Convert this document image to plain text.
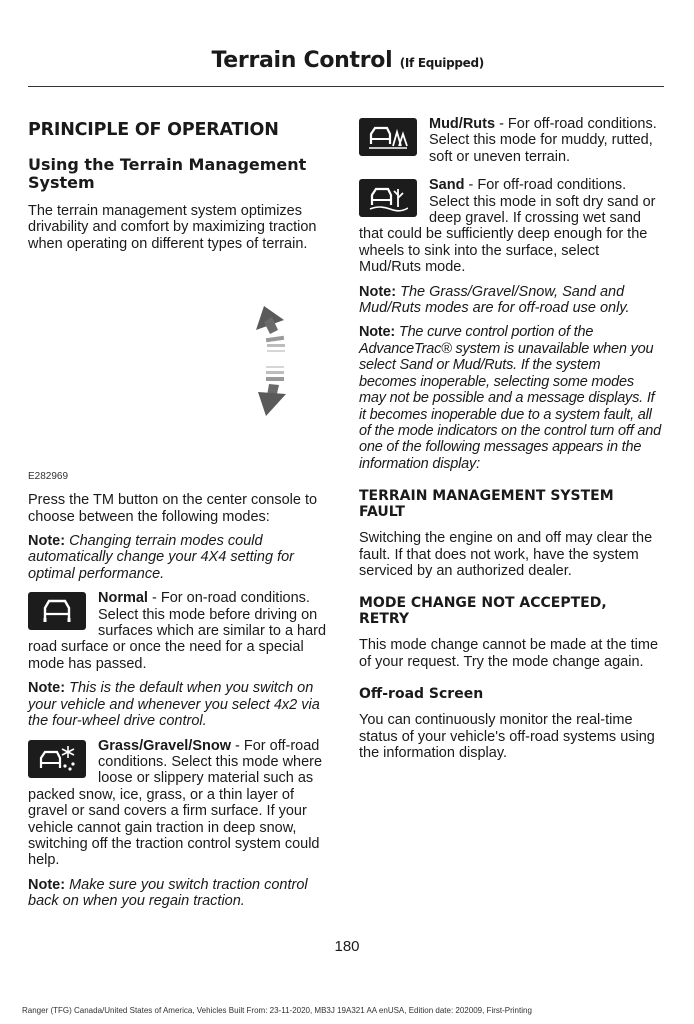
Terrain Control (If Equipped)
PRINCIPLE OF OPERATION
Using the Terrain Management System

The terrain management system optimizes drivability and comfort by maximizing traction when operating on different types of terrain.

E282969

Press the TM button on the center console to choose between the following modes:

Note: Changing terrain modes could automatically change your 4X4 setting for optimal performance.

Normal - For on-road conditions. Select this mode before driving on surfaces which are similar to a hard road surface or once the need for a special mode has passed.

Note: This is the default when you switch on your vehicle and whenever you select 4x2 via the four-wheel drive control.

Grass/Gravel/Snow - For off-road conditions. Select this mode where loose or slippery material such as packed snow, ice, grass, or a thin layer of gravel or sand covers a firm surface. If your vehicle cannot gain traction in deep snow, switching off the traction control system could help.

Note: Make sure you switch traction control back on when you regain traction.

Mud/Ruts - For off-road conditions. Select this mode for muddy, rutted, soft or uneven terrain.

Sand - For off-road conditions. Select this mode in soft dry sand or deep gravel. If crossing wet sand that could be sufficiently deep enough for the wheels to sink into the surface, select Mud/Ruts mode.

Note: The Grass/Gravel/Snow, Sand and Mud/Ruts modes are for off-road use only.

Note: The curve control portion of the AdvanceTrac® system is unavailable when you select Sand or Mud/Ruts. If the system becomes inoperable, selecting some modes may not be possible and a message displays. If it becomes inoperable due to a system fault, all of the mode indicators on the control turn off and one of the following messages appears in the information display:

TERRAIN MANAGEMENT SYSTEM FAULT

Switching the engine on and off may clear the fault. If that does not work, have the system serviced by an authorized dealer.

MODE CHANGE NOT ACCEPTED, RETRY

This mode change cannot be made at the time of your request. Try the mode change again.

Off-road Screen

You can continuously monitor the real-time status of your vehicle's off-road systems using the information display.

180
Ranger (TFG) Canada/United States of America, Vehicles Built From: 23-11-2020, MB3J 19A321 AA enUSA, Edition date: 202009, First-Printing
